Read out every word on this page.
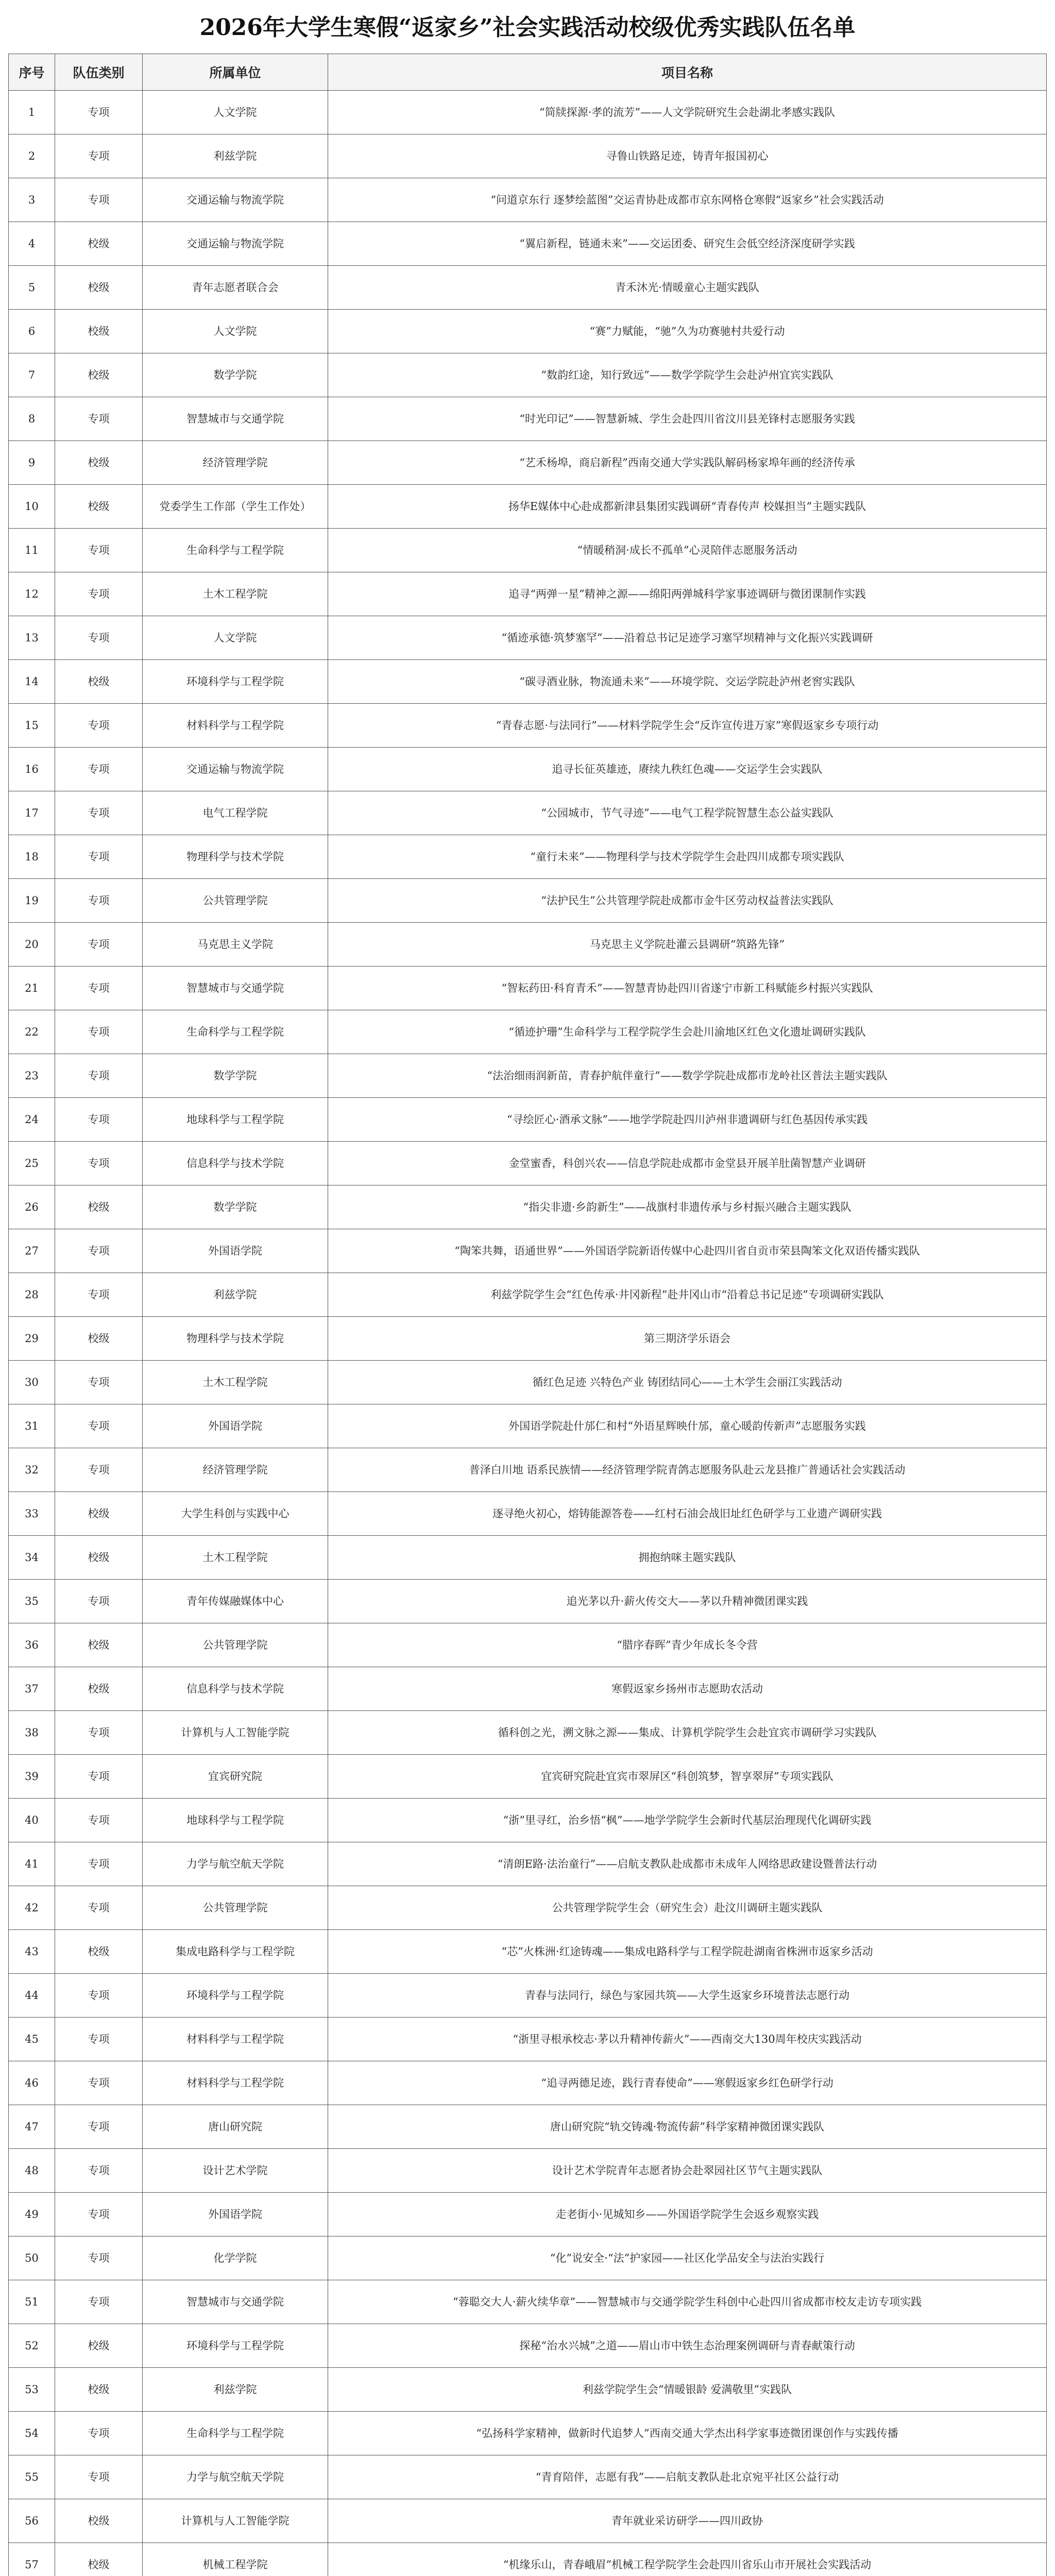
2026年大学生寒假“返家乡”社会实践活动校级优秀实践队伍名单
序号	队伍类别	所属单位	项目名称
1	专项	人文学院	“简牍探源·孝的流芳”——人文学院研究生会赴湖北孝感实践队
2	专项	利兹学院	寻鲁山铁路足迹，铸青年报国初心
3	专项	交通运输与物流学院	“问道京东行 逐梦绘蓝图”交运青协赴成都市京东网格仓寒假“返家乡”社会实践活动
4	校级	交通运输与物流学院	“翼启新程，链通未来”——交运团委、研究生会低空经济深度研学实践
5	校级	青年志愿者联合会	青禾沐光·情暖童心主题实践队
6	校级	人文学院	“赛”力赋能，“驰”久为功赛驰村共爱行动
7	校级	数学学院	“数韵红途，知行致远”——数学学院学生会赴泸州宜宾实践队
8	专项	智慧城市与交通学院	“时光印记”——智慧新城、学生会赴四川省汶川县羌锋村志愿服务实践
9	校级	经济管理学院	“艺禾杨埠，商启新程”西南交通大学实践队解码杨家埠年画的经济传承
10	校级	党委学生工作部（学生工作处）	扬华E媒体中心赴成都新津县集团实践调研“青春传声 校媒担当”主题实践队
11	专项	生命科学与工程学院	“情暖稍洞·成长不孤单”心灵陪伴志愿服务活动
12	专项	土木工程学院	追寻“两弹一星”精神之源——绵阳两弹城科学家事迹调研与微团课制作实践
13	专项	人文学院	“循迹承德·筑梦塞罕”——沿着总书记足迹学习塞罕坝精神与文化振兴实践调研
14	校级	环境科学与工程学院	“碳寻酒业脉，物流通未来”——环境学院、交运学院赴泸州老窖实践队
15	专项	材料科学与工程学院	“青春志愿·与法同行”——材料学院学生会“反诈宣传进万家”寒假返家乡专项行动
16	专项	交通运输与物流学院	追寻长征英雄迹，赓续九秩红色魂——交运学生会实践队
17	专项	电气工程学院	“公园城市，节气寻迹”——电气工程学院智慧生态公益实践队
18	专项	物理科学与技术学院	“童行未来”——物理科学与技术学院学生会赴四川成都专项实践队
19	专项	公共管理学院	“法护民生”公共管理学院赴成都市金牛区劳动权益普法实践队
20	专项	马克思主义学院	马克思主义学院赴灌云县调研“筑路先锋”
21	专项	智慧城市与交通学院	“智耘药田·科育青禾”——智慧青协赴四川省遂宁市新工科赋能乡村振兴实践队
22	专项	生命科学与工程学院	“循迹护珊”生命科学与工程学院学生会赴川渝地区红色文化遗址调研实践队
23	专项	数学学院	“法治细雨润新苗，青春护航伴童行”——数学学院赴成都市龙岭社区普法主题实践队
24	专项	地球科学与工程学院	“寻绘匠心·酒承文脉”——地学学院赴四川泸州非遗调研与红色基因传承实践
25	专项	信息科学与技术学院	金堂蜜香，科创兴农——信息学院赴成都市金堂县开展羊肚菌智慧产业调研
26	校级	数学学院	“指尖非遗·乡韵新生”——战旗村非遗传承与乡村振兴融合主题实践队
27	专项	外国语学院	“陶笨共舞，语通世界”——外国语学院新语传媒中心赴四川省自贡市荣县陶笨文化双语传播实践队
28	专项	利兹学院	利兹学院学生会“红色传承·井冈新程”赴井冈山市“沿着总书记足迹”专项调研实践队
29	校级	物理科学与技术学院	第三期济学乐语会
30	专项	土木工程学院	循红色足迹 兴特色产业 铸团结同心——土木学生会丽江实践活动
31	专项	外国语学院	外国语学院赴什邡仁和村“外语星辉映什邡，童心暖韵传新声”志愿服务实践
32	专项	经济管理学院	普泽白川地 语系民族情——经济管理学院青鸽志愿服务队赴云龙县推广普通话社会实践活动
33	校级	大学生科创与实践中心	逐寻绝火初心，熔铸能源答卷——红村石油会战旧址红色研学与工业遗产调研实践
34	校级	土木工程学院	拥抱纳咪主题实践队
35	专项	青年传媒融媒体中心	追光茅以升·薪火传交大——茅以升精神微团课实践
36	校级	公共管理学院	“腊序春晖”青少年成长冬令营
37	校级	信息科学与技术学院	寒假返家乡扬州市志愿助农活动
38	专项	计算机与人工智能学院	循科创之光，溯文脉之源——集成、计算机学院学生会赴宜宾市调研学习实践队
39	专项	宜宾研究院	宜宾研究院赴宜宾市翠屏区“科创筑梦，智享翠屏”专项实践队
40	专项	地球科学与工程学院	“浙”里寻红，治乡悟“枫”——地学学院学生会新时代基层治理现代化调研实践
41	专项	力学与航空航天学院	“清朗E路·法治童行”——启航支教队赴成都市未成年人网络思政建设暨普法行动
42	专项	公共管理学院	公共管理学院学生会（研究生会）赴汶川调研主题实践队
43	校级	集成电路科学与工程学院	“芯”火株洲·红途铸魂——集成电路科学与工程学院赴湖南省株洲市返家乡活动
44	专项	环境科学与工程学院	青春与法同行，绿色与家园共筑——大学生返家乡环境普法志愿行动
45	专项	材料科学与工程学院	“浙里寻根承校志·茅以升精神传薪火”——西南交大130周年校庆实践活动
46	专项	材料科学与工程学院	“追寻两德足迹，践行青春使命”——寒假返家乡红色研学行动
47	专项	唐山研究院	唐山研究院“轨交铸魂·物流传薪”科学家精神微团课实践队
48	专项	设计艺术学院	设计艺术学院青年志愿者协会赴翠园社区节气主题实践队
49	专项	外国语学院	走老街小·见城知乡——外国语学院学生会返乡观察实践
50	专项	化学学院	“化”说安全·“法”护家园——社区化学品安全与法治实践行
51	专项	智慧城市与交通学院	“蓉聪交大人·薪火续华章”——智慧城市与交通学院学生科创中心赴四川省成都市校友走访专项实践
52	校级	环境科学与工程学院	探秘“治水兴城”之道——眉山市中铁生态治理案例调研与青春献策行动
53	校级	利兹学院	利兹学院学生会“情暖银龄 爱满敬里”实践队
54	专项	生命科学与工程学院	“弘扬科学家精神，做新时代追梦人”西南交通大学杰出科学家事迹微团课创作与实践传播
55	专项	力学与航空航天学院	“青育陪伴，志愿有我”——启航支教队赴北京宛平社区公益行动
56	校级	计算机与人工智能学院	青年就业采访研学——四川政协
57	校级	机械工程学院	“机缘乐山，青春峨眉”机械工程学院学生会赴四川省乐山市开展社会实践活动
